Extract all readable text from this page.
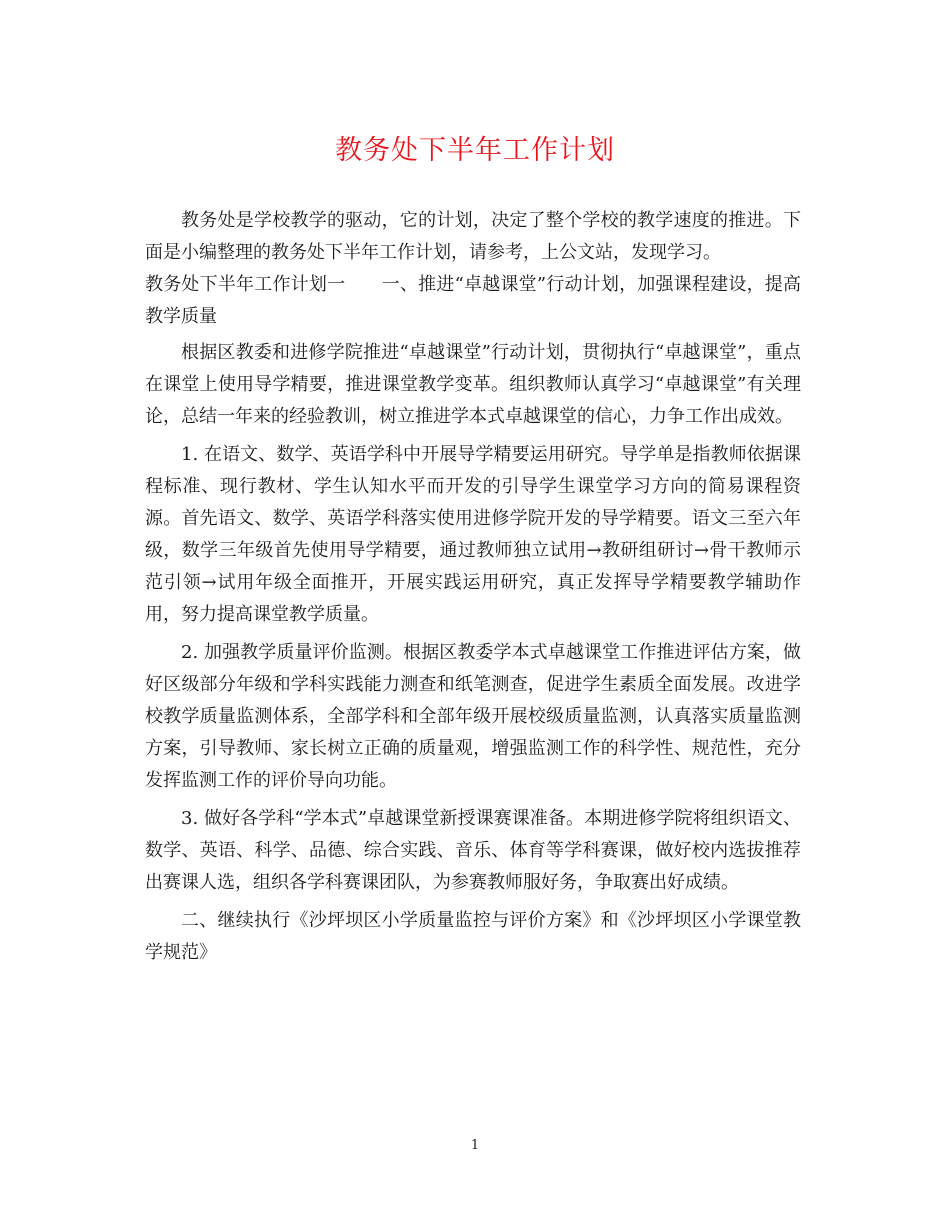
教务处下半年工作计划

教务处是学校教学的驱动，它的计划，决定了整个学校的教学速度的推进。下面是小编整理的教务处下半年工作计划，请参考，上公文站，发现学习。

教务处下半年工作计划一　　一、推进“卓越课堂”行动计划，加强课程建设，提高教学质量

根据区教委和进修学院推进“卓越课堂”行动计划，贯彻执行“卓越课堂”，重点在课堂上使用导学精要，推进课堂教学变革。组织教师认真学习“卓越课堂”有关理论，总结一年来的经验教训，树立推进学本式卓越课堂的信心，力争工作出成效。

1. 在语文、数学、英语学科中开展导学精要运用研究。导学单是指教师依据课程标准、现行教材、学生认知水平而开发的引导学生课堂学习方向的简易课程资源。首先语文、数学、英语学科落实使用进修学院开发的导学精要。语文三至六年级，数学三年级首先使用导学精要，通过教师独立试用→教研组研讨→骨干教师示范引领→试用年级全面推开，开展实践运用研究，真正发挥导学精要教学辅助作用，努力提高课堂教学质量。

2. 加强教学质量评价监测。根据区教委学本式卓越课堂工作推进评估方案，做好区级部分年级和学科实践能力测查和纸笔测查，促进学生素质全面发展。改进学校教学质量监测体系，全部学科和全部年级开展校级质量监测，认真落实质量监测方案，引导教师、家长树立正确的质量观，增强监测工作的科学性、规范性，充分发挥监测工作的评价导向功能。

3. 做好各学科“学本式”卓越课堂新授课赛课准备。本期进修学院将组织语文、数学、英语、科学、品德、综合实践、音乐、体育等学科赛课，做好校内选拔推荐出赛课人选，组织各学科赛课团队，为参赛教师服好务，争取赛出好成绩。

二、继续执行《沙坪坝区小学质量监控与评价方案》和《沙坪坝区小学课堂教学规范》

1
